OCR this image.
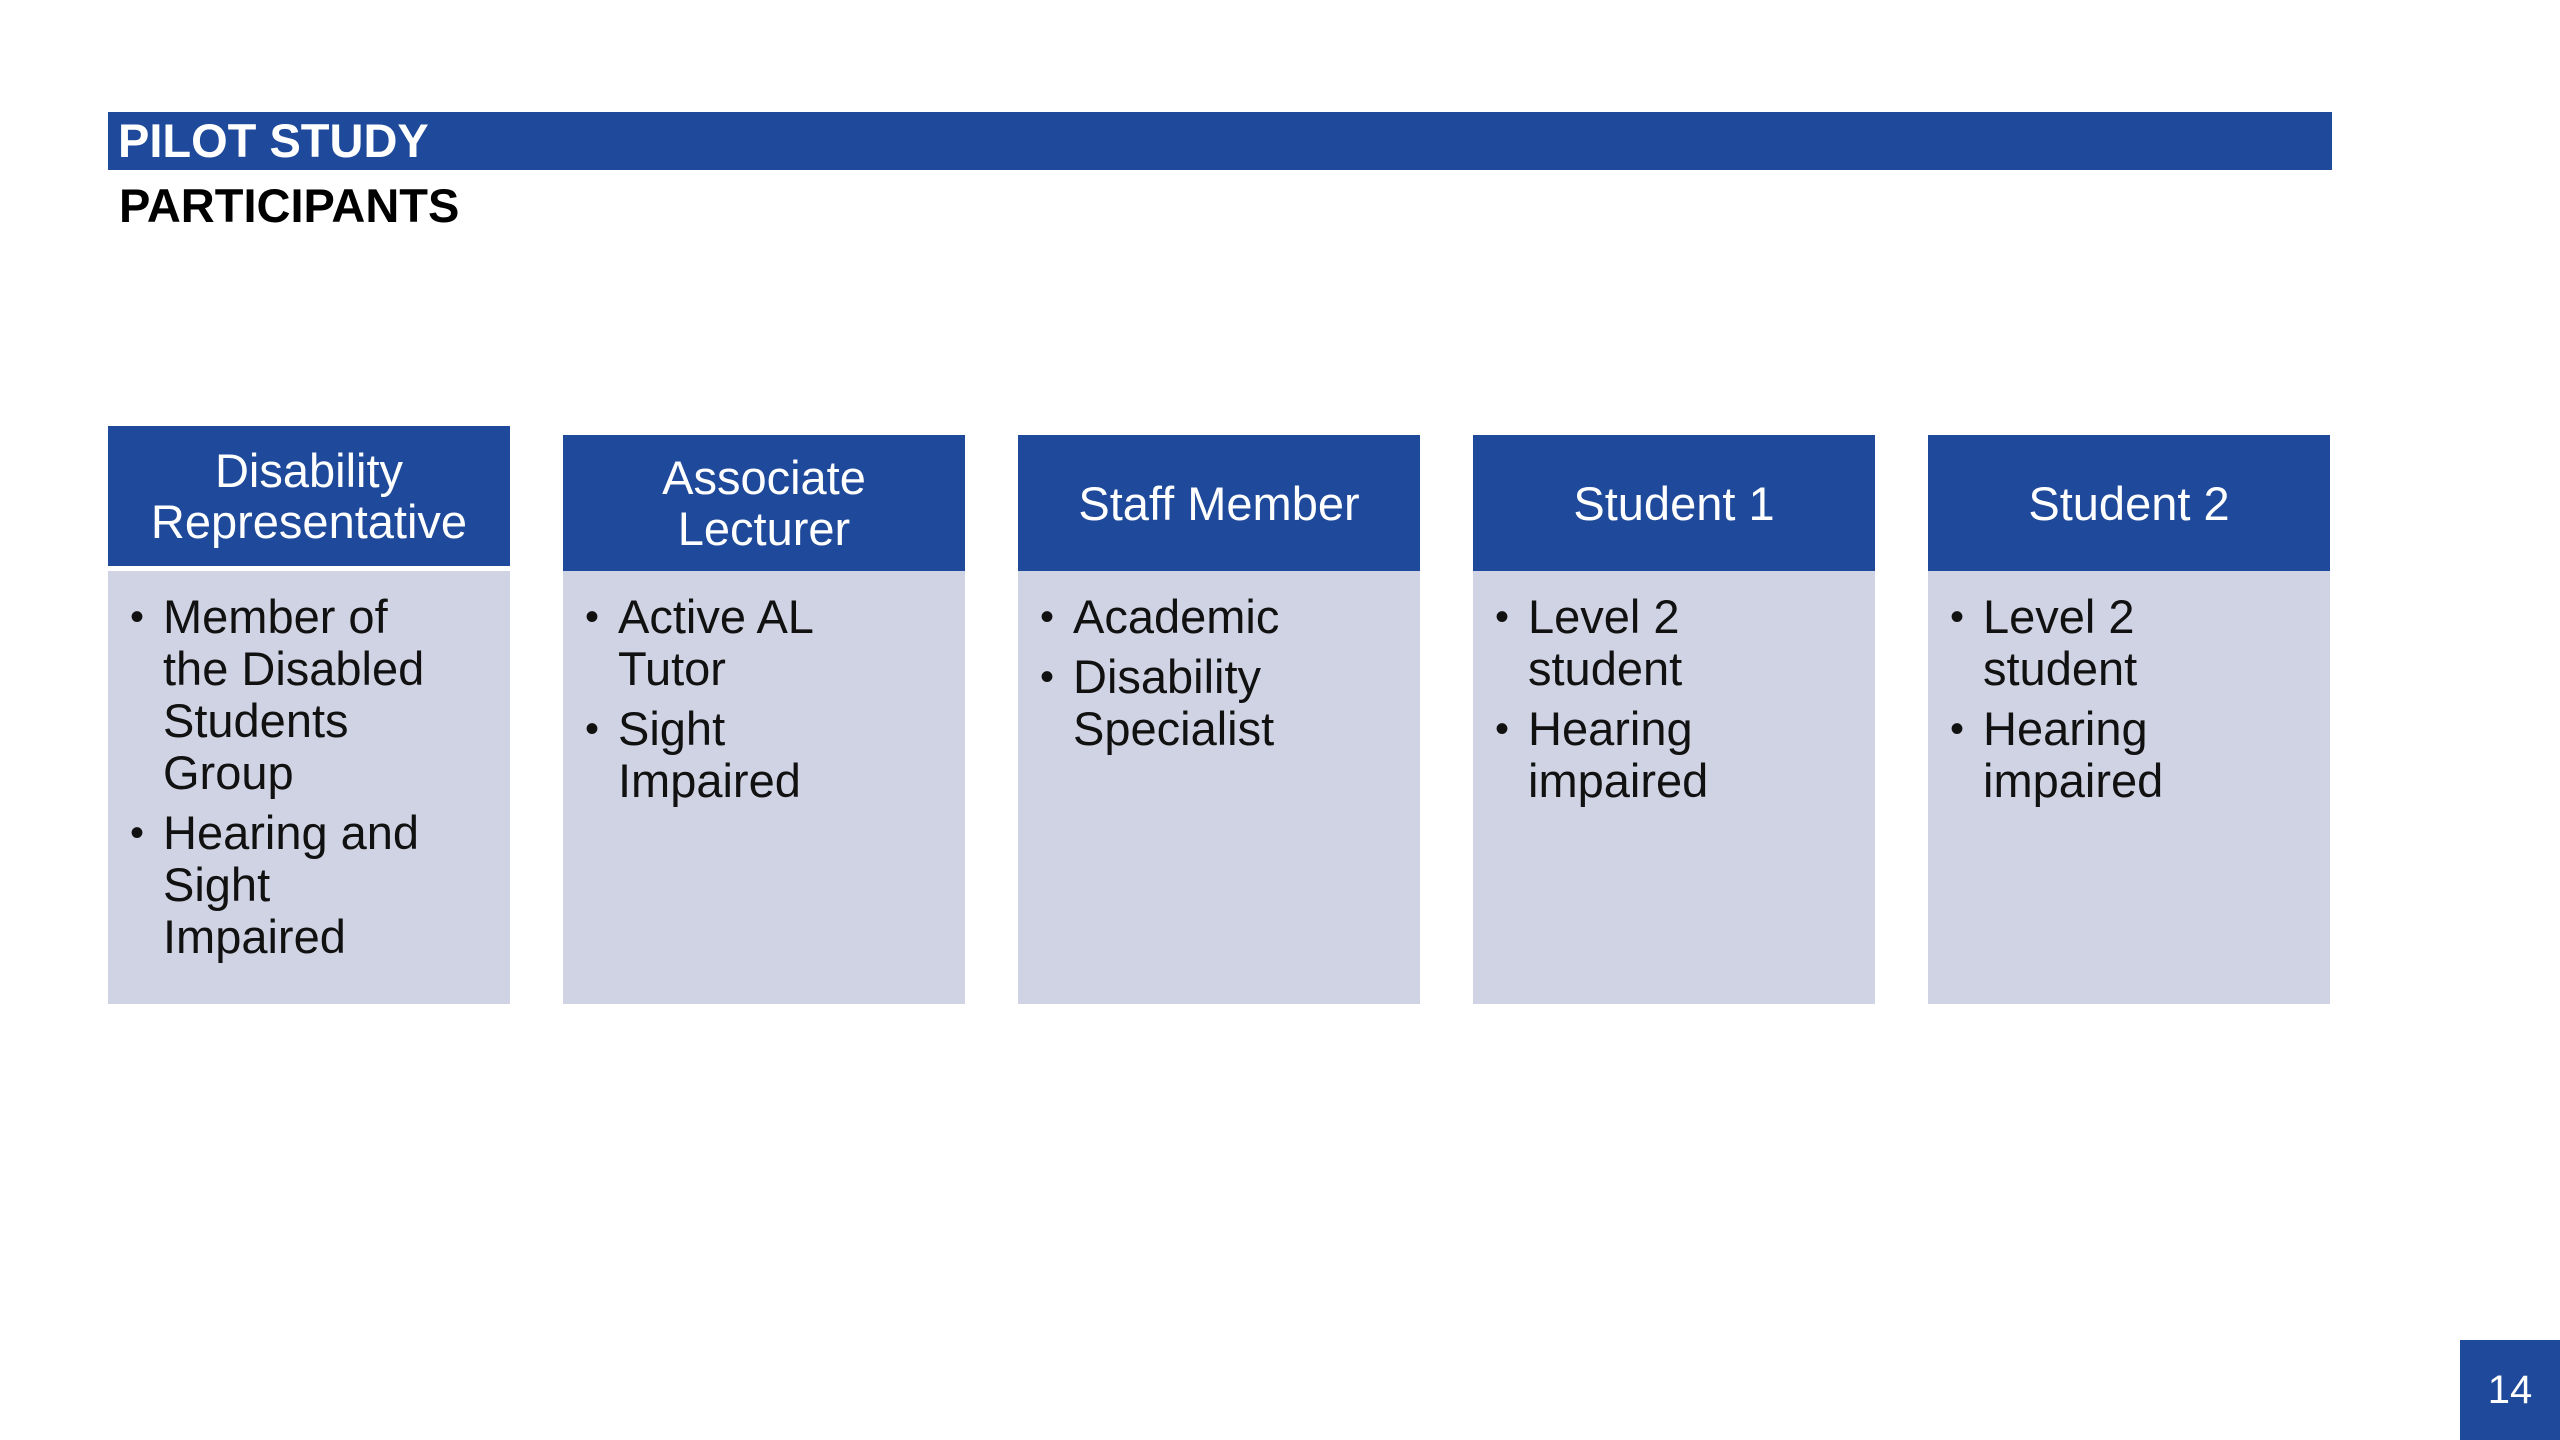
PILOT STUDY
PARTICIPANTS
Disability
Representative
• Member of
the Disabled
Students
Group
• Hearing and
Sight
Impaired
Associate
Lecturer
• Active AL
Tutor
• Sight
Impaired
Staff Member
• Academic
• Disability
Specialist
Student 1
• Level 2
student
• Hearing
impaired
Student 2
• Level 2
student
• Hearing
impaired
14
